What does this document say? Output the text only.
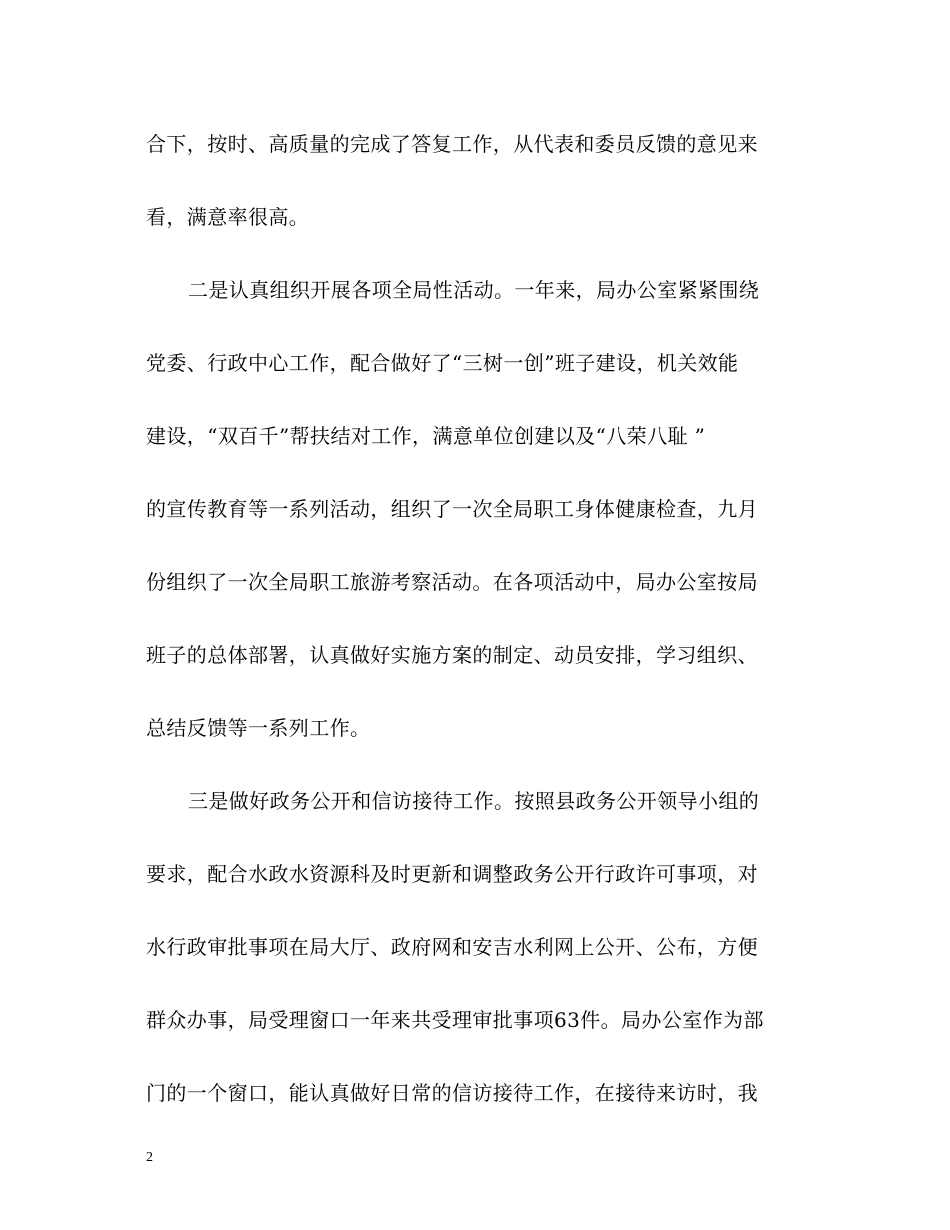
合下，按时、高质量的完成了答复工作，从代表和委员反馈的意见来
看，满意率很高。
二是认真组织开展各项全局性活动。一年来，局办公室紧紧围绕
党委、行政中心工作，配合做好了“三树一创”班子建设，机关效能
建设，“双百千”帮扶结对工作，满意单位创建以及“八荣八耻 ”
的宣传教育等一系列活动，组织了一次全局职工身体健康检查，九月
份组织了一次全局职工旅游考察活动。在各项活动中，局办公室按局
班子的总体部署，认真做好实施方案的制定、动员安排，学习组织、
总结反馈等一系列工作。
三是做好政务公开和信访接待工作。按照县政务公开领导小组的
要求，配合水政水资源科及时更新和调整政务公开行政许可事项，对
水行政审批事项在局大厅、政府网和安吉水利网上公开、公布，方便
群众办事，局受理窗口一年来共受理审批事项63件。局办公室作为部
门的一个窗口，能认真做好日常的信访接待工作，在接待来访时，我
2
